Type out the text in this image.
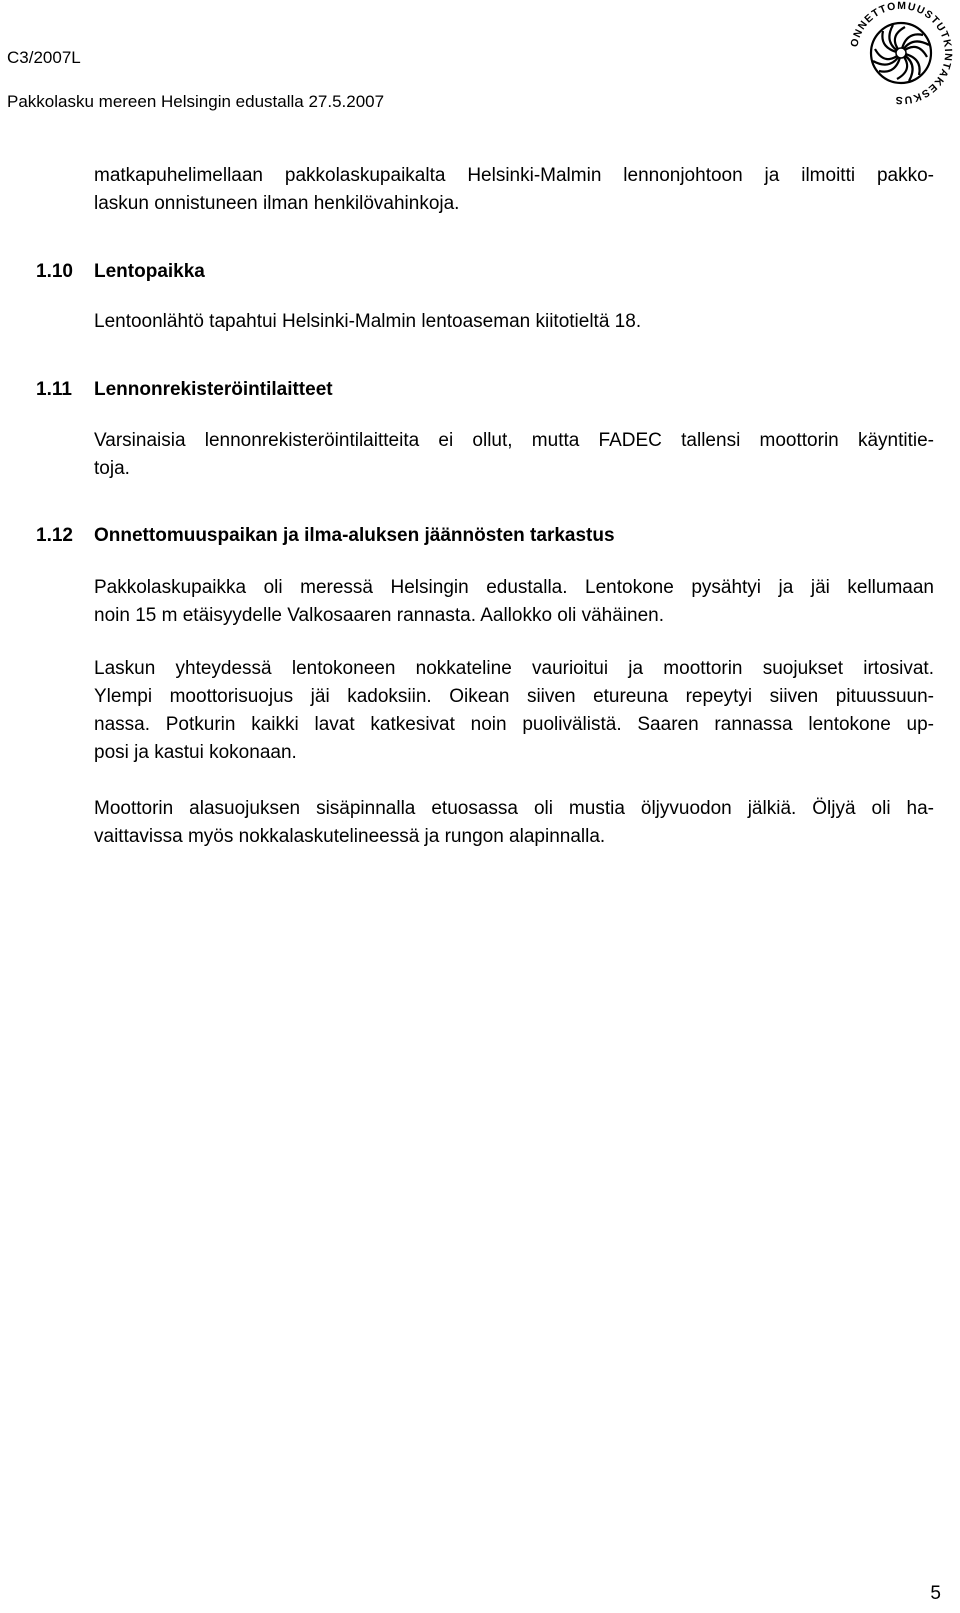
C3/2007L
Pakkolasku mereen Helsingin edustalla 27.5.2007
ONNETTOMUUSTUTKINTAKESKUS
matkapuhelimellaan pakkolaskupaikalta Helsinki-Malmin lennonjohtoon ja ilmoitti pakko-
laskun onnistuneen ilman henkilövahinkoja.
1.10 Lentopaikka
Lentoonlähtö tapahtui Helsinki-Malmin lentoaseman kiitotieltä 18.
1.11 Lennonrekisteröintilaitteet
Varsinaisia lennonrekisteröintilaitteita ei ollut, mutta FADEC tallensi moottorin käyntitie-
toja.
1.12 Onnettomuuspaikan ja ilma-aluksen jäännösten tarkastus
Pakkolaskupaikka oli meressä Helsingin edustalla. Lentokone pysähtyi ja jäi kellumaan
noin 15 m etäisyydelle Valkosaaren rannasta. Aallokko oli vähäinen.
Laskun yhteydessä lentokoneen nokkateline vaurioitui ja moottorin suojukset irtosivat.
Ylempi moottorisuojus jäi kadoksiin. Oikean siiven etureuna repeytyi siiven pituussuun-
nassa. Potkurin kaikki lavat katkesivat noin puolivälistä. Saaren rannassa lentokone up-
posi ja kastui kokonaan.
Moottorin alasuojuksen sisäpinnalla etuosassa oli mustia öljyvuodon jälkiä. Öljyä oli ha-
vaittavissa myös nokkalaskutelineessä ja rungon alapinnalla.
5
